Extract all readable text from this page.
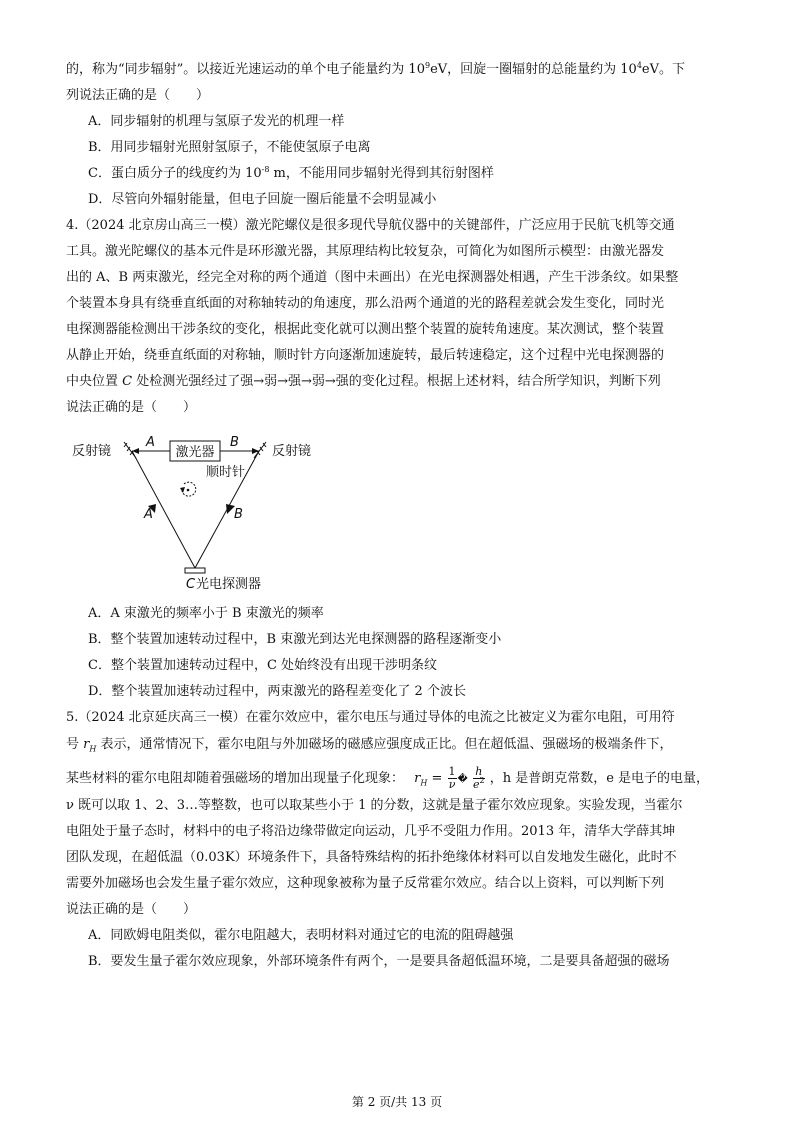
的，称为“同步辐射”。以接近光速运动的单个电子能量约为 $10^9eV$，回旋一圈辐射的总能量约为 $10^4eV$。下
列说法正确的是（　　）
A．同步辐射的机理与氢原子发光的机理一样
B．用同步辐射光照射氢原子，不能使氢原子电离
C．蛋白质分子的线度约为 $10^{-8}$ m，不能用同步辐射光得到其衍射图样
D．尽管向外辐射能量，但电子回旋一圈后能量不会明显减小
4.（2024 北京房山高三一模）激光陀螺仪是很多现代导航仪器中的关键部件，广泛应用于民航飞机等交通
工具。激光陀螺仪的基本元件是环形激光器，其原理结构比较复杂，可简化为如图所示模型：由激光器发
出的 A、B 两束激光，经完全对称的两个通道（图中未画出）在光电探测器处相遇，产生干涉条纹。如果整
个装置本身具有绕垂直纸面的对称轴转动的角速度，那么沿两个通道的光的路程差就会发生变化，同时光
电探测器能检测出干涉条纹的变化，根据此变化就可以测出整个装置的旋转角速度。某次测试，整个装置
从静止开始，绕垂直纸面的对称轴，顺时针方向逐渐加速旋转，最后转速稳定，这个过程中光电探测器的
中央位置 C 处检测光强经过了强→弱→强→弱→强的变化过程。根据上述材料，结合所学知识，判断下列
说法正确的是（　　）
反射镜	反射镜
激光器
A	B
A	B
顺时针
C 光电探测器
A．A 束激光的频率小于 B 束激光的频率
B．整个装置加速转动过程中，B 束激光到达光电探测器的路程逐渐变小
C．整个装置加速转动过程中，C 处始终没有出现干涉明条纹
D．整个装置加速转动过程中，两束激光的路程差变化了 2 个波长
5.（2024 北京延庆高三一模）在霍尔效应中，霍尔电压与通过导体的电流之比被定义为霍尔电阻，可用符
号 $r_H$ 表示，通常情况下，霍尔电阻与外加磁场的磁感应强度成正比。但在超低温、强磁场的极端条件下，
某些材料的霍尔电阻却随着强磁场的增加出现量子化现象： $r_H = \frac{1}{\nu}$ � $\frac{h}{e^2}$ ，h 是普朗克常数，e 是电子的电量，
ν 既可以取 1、2、3…等整数，也可以取某些小于 1 的分数，这就是量子霍尔效应现象。实验发现，当霍尔
电阻处于量子态时，材料中的电子将沿边缘带做定向运动，几乎不受阻力作用。2013 年，清华大学薛其坤
团队发现，在超低温（0.03K）环境条件下，具备特殊结构的拓扑绝缘体材料可以自发地发生磁化，此时不
需要外加磁场也会发生量子霍尔效应，这种现象被称为量子反常霍尔效应。结合以上资料，可以判断下列
说法正确的是（　　）
A．同欧姆电阻类似，霍尔电阻越大，表明材料对通过它的电流的阻碍越强
B．要发生量子霍尔效应现象，外部环境条件有两个，一是要具备超低温环境，二是要具备超强的磁场
第 2 页/共 13 页
